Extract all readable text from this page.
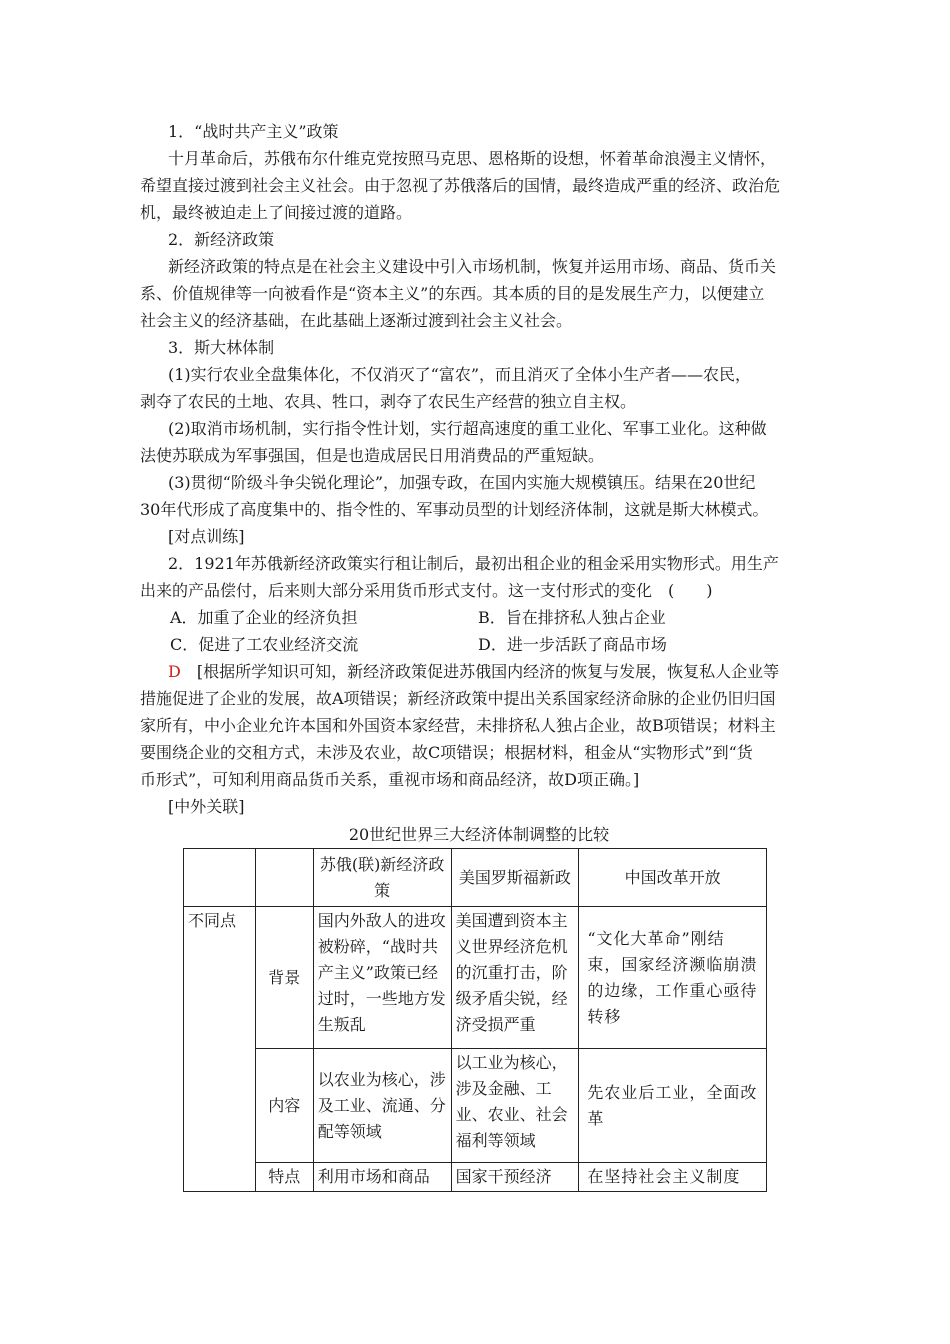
1．“战时共产主义”政策
十月革命后，苏俄布尔什维克党按照马克思、恩格斯的设想，怀着革命浪漫主义情怀，
希望直接过渡到社会主义社会。由于忽视了苏俄落后的国情，最终造成严重的经济、政治危
机，最终被迫走上了间接过渡的道路。
2．新经济政策
新经济政策的特点是在社会主义建设中引入市场机制，恢复并运用市场、商品、货币关
系、价值规律等一向被看作是“资本主义”的东西。其本质的目的是发展生产力，以便建立
社会主义的经济基础，在此基础上逐渐过渡到社会主义社会。
3．斯大林体制
(1)实行农业全盘集体化，不仅消灭了“富农”，而且消灭了全体小生产者——农民，
剥夺了农民的土地、农具、牲口，剥夺了农民生产经营的独立自主权。
(2)取消市场机制，实行指令性计划，实行超高速度的重工业化、军事工业化。这种做
法使苏联成为军事强国，但是也造成居民日用消费品的严重短缺。
(3)贯彻“阶级斗争尖锐化理论”，加强专政，在国内实施大规模镇压。结果在20世纪
30年代形成了高度集中的、指令性的、军事动员型的计划经济体制，这就是斯大林模式。
[对点训练]
2．1921年苏俄新经济政策实行租让制后，最初出租企业的租金采用实物形式。用生产
出来的产品偿付，后来则大部分采用货币形式支付。这一支付形式的变化　(　　)
A．加重了企业的经济负担	B．旨在排挤私人独占企业
C．促进了工农业经济交流	D．进一步活跃了商品市场
D　[根据所学知识可知，新经济政策促进苏俄国内经济的恢复与发展，恢复私人企业等
措施促进了企业的发展，故A项错误；新经济政策中提出关系国家经济命脉的企业仍旧归国
家所有，中小企业允许本国和外国资本家经营，未排挤私人独占企业，故B项错误；材料主
要围绕企业的交租方式，未涉及农业，故C项错误；根据材料，租金从“实物形式”到“货
币形式”，可知利用商品货币关系，重视市场和商品经济，故D项正确。]
[中外关联]
20世纪世界三大经济体制调整的比较
		苏俄(联)新经济政策	美国罗斯福新政	中国改革开放
不同点	背景	国内外敌人的进攻被粉碎，“战时共产主义”政策已经过时，一些地方发生叛乱	美国遭到资本主义世界经济危机的沉重打击，阶级矛盾尖锐，经济受损严重	“文化大革命”刚结束，国家经济濒临崩溃的边缘，工作重心亟待转移
	内容	以农业为核心，涉及工业、流通、分配等领域	以工业为核心，涉及金融、工业、农业、社会福利等领域	先农业后工业，全面改革
	特点	利用市场和商品	国家干预经济	在坚持社会主义制度
